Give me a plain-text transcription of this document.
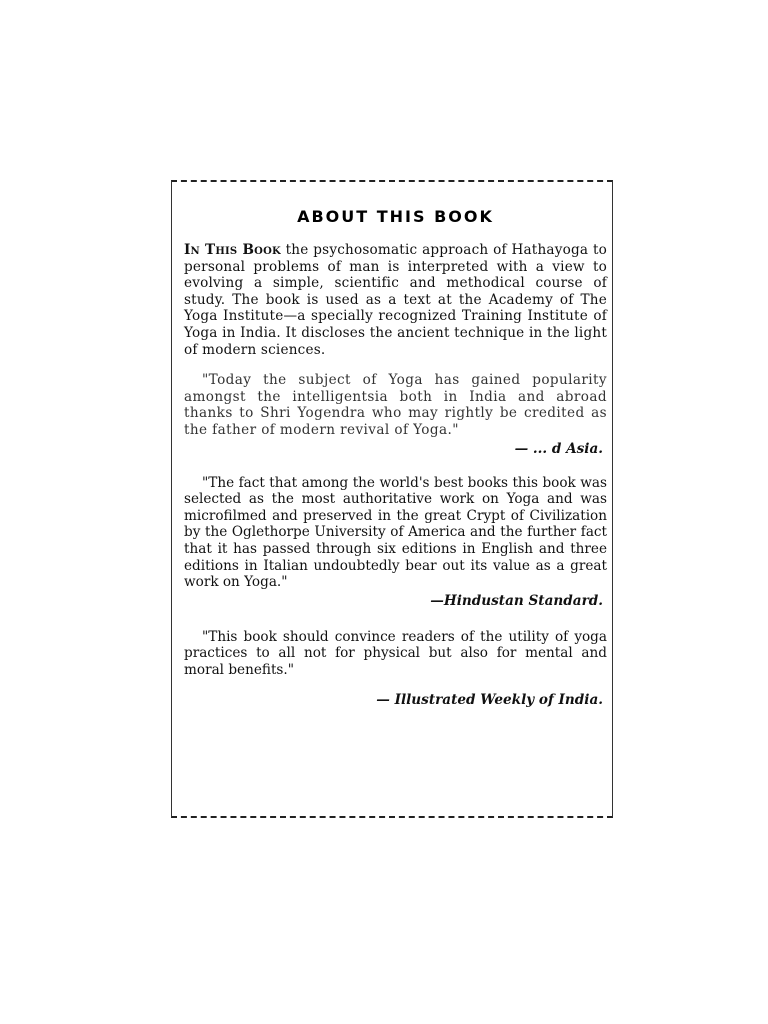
ABOUT THIS BOOK

In This Book the psychosomatic approach of Hathayoga to personal problems of man is interpreted with a view to evolving a simple, scientific and methodical course of study. The book is used as a text at the Academy of The Yoga Institute—a specially recognized Training Institute of Yoga in India. It discloses the ancient technique in the light of modern sciences.

"Today the subject of Yoga has gained popularity amongst the intelligentsia both in India and abroad thanks to Shri Yogendra who may rightly be credited as the father of modern revival of Yoga."

— ... d Asia.

"The fact that among the world's best books this book was selected as the most authoritative work on Yoga and was microfilmed and preserved in the great Crypt of Civilization by the Oglethorpe University of America and the further fact that it has passed through six editions in English and three editions in Italian undoubtedly bear out its value as a great work on Yoga."

—Hindustan Standard.

"This book should convince readers of the utility of yoga practices to all not for physical but also for mental and moral benefits."

— Illustrated Weekly of India.
